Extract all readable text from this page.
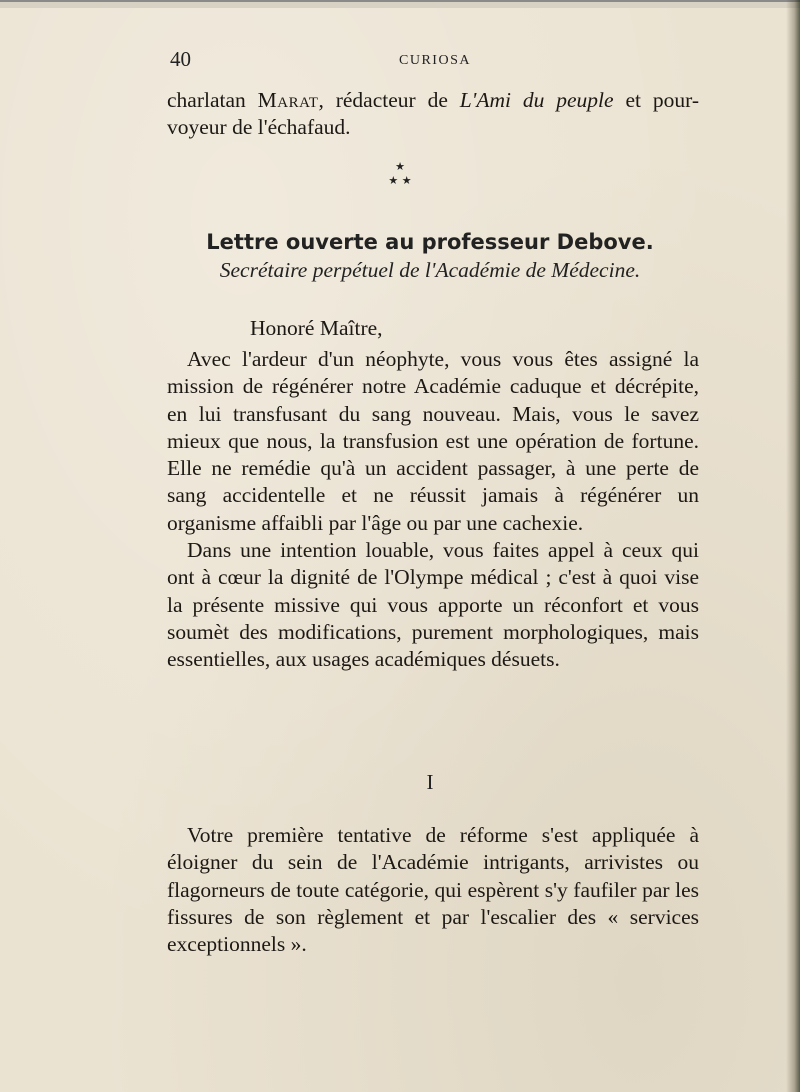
40	CURIOSA

charlatan Marat, rédacteur de L'Ami du peuple et pour-voyeur de l'échafaud.

★
★ ★
Lettre ouverte au professeur Debove.
Secrétaire perpétuel de l'Académie de Médecine.
Honoré Maître,

Avec l'ardeur d'un néophyte, vous vous êtes assigné la mission de régénérer notre Académie caduque et décrépite, en lui transfusant du sang nouveau. Mais, vous le savez mieux que nous, la transfusion est une opération de fortune. Elle ne remédie qu'à un accident passager, à une perte de sang accidentelle et ne réussit jamais à régénérer un organisme affaibli par l'âge ou par une cachexie.

Dans une intention louable, vous faites appel à ceux qui ont à cœur la dignité de l'Olympe médical ; c'est à quoi vise la présente missive qui vous apporte un réconfort et vous soumèt des modifications, purement morphologiques, mais essentielles, aux usages académiques désuets.

I

Votre première tentative de réforme s'est appliquée à éloigner du sein de l'Académie intrigants, arrivistes ou flagorneurs de toute catégorie, qui espèrent s'y faufiler par les fissures de son règlement et par l'escalier des « services exceptionnels ».
